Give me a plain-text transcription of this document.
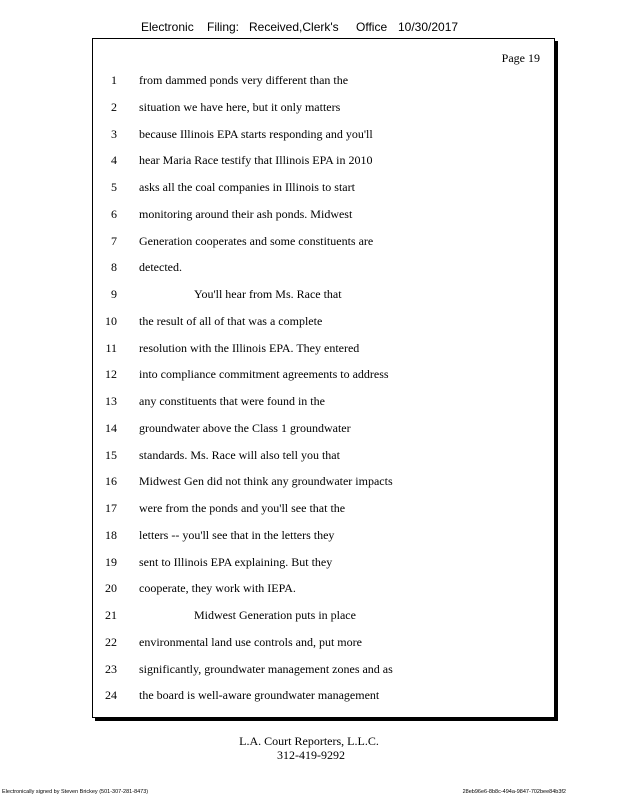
Electronic Filing: Received,Clerk's Office 10/30/2017
Page 19
1 from dammed ponds very different than the
2 situation we have here, but it only matters
3 because Illinois EPA starts responding and you'll
4 hear Maria Race testify that Illinois EPA in 2010
5 asks all the coal companies in Illinois to start
6 monitoring around their ash ponds. Midwest
7 Generation cooperates and some constituents are
8 detected.
9	You'll hear from Ms. Race that
10 the result of all of that was a complete
11 resolution with the Illinois EPA. They entered
12 into compliance commitment agreements to address
13 any constituents that were found in the
14 groundwater above the Class 1 groundwater
15 standards. Ms. Race will also tell you that
16 Midwest Gen did not think any groundwater impacts
17 were from the ponds and you'll see that the
18 letters -- you'll see that in the letters they
19 sent to Illinois EPA explaining. But they
20 cooperate, they work with IEPA.
21	Midwest Generation puts in place
22 environmental land use controls and, put more
23 significantly, groundwater management zones and as
24 the board is well-aware groundwater management
L.A. Court Reporters, L.L.C.
312-419-9292
Electronically signed by Steven Brickey (501-307-281-8473)	28eb96e6-8b8c-494a-9847-702bee84b3f2
